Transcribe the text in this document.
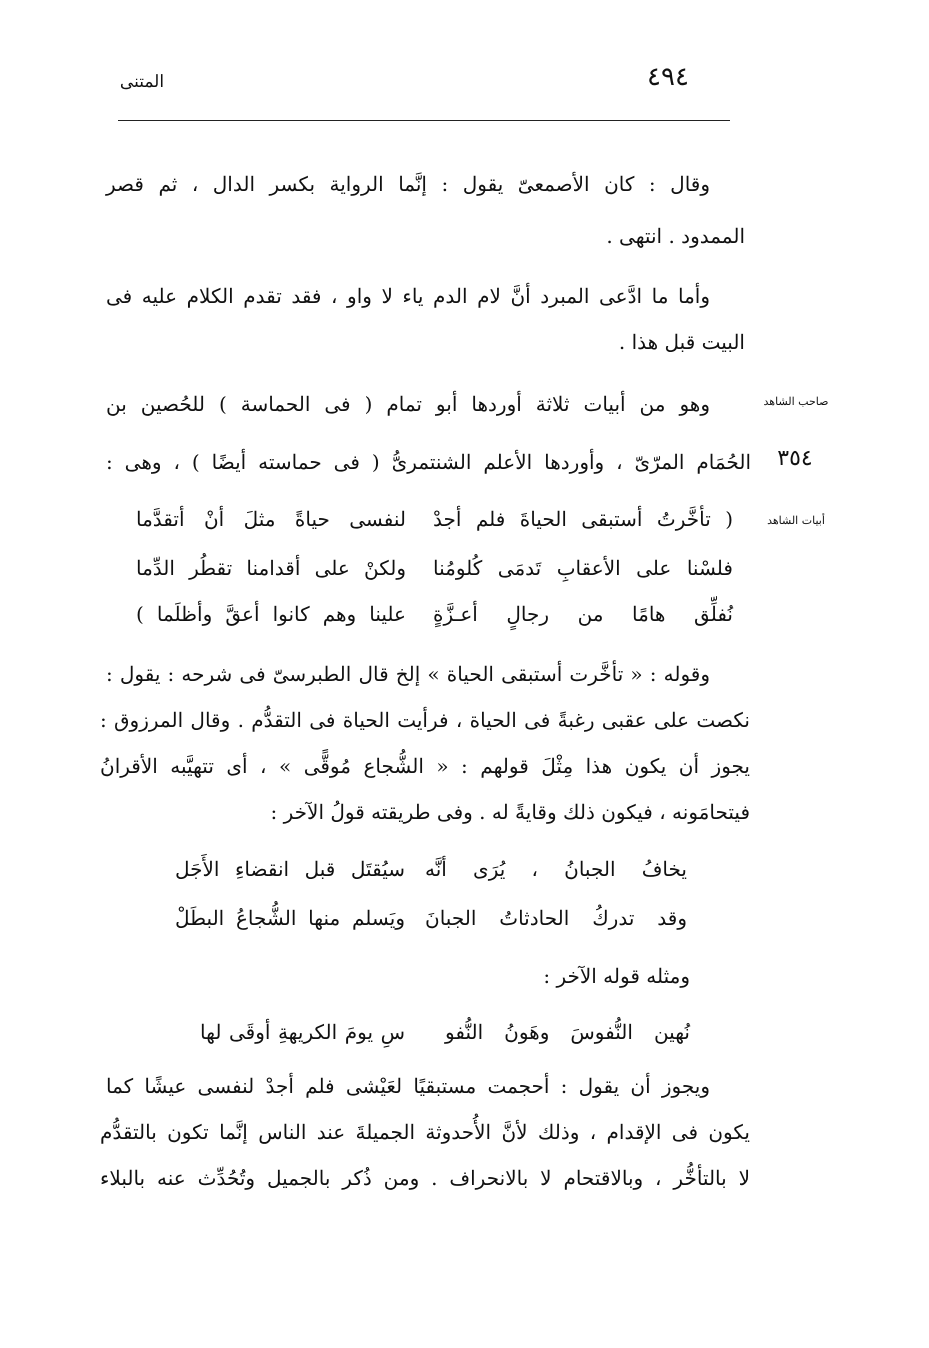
المتنى	٤٩٤
وقال : كان الأصمعىّ يقول : إنَّما الرواية بكسر الدال ، ثم قصر
الممدود . انتهى .
وأما ما ادَّعى المبرد أنَّ لام الدم ياء لا واو ، فقد تقدم الكلام عليه فى
البيت قبل هذا .
صاحب الشاهد
وهو من أبيات ثلاثة أوردها أبو تمام ( فى الحماسة ) للحُصين بن
٣٥٤
الحُمَام المرّىّ ، وأوردها الأعلم الشنتمرىُّ ( فى حماسته أيضًا ) ، وهى :
أبيات الشاهد
( تأخَّرتُ أستبقى الحياةَ فلم أجدْ
لنفسى حياةً مثلَ أنْ أتقدَّما
فلسْنا على الأعقابِ تَدمَى كُلومُنا
ولكنْ على أقدامنا تقطُر الدِّما
نُفلِّق هامًا من رجالٍ أعـزَّةٍ
علينا وهم كانوا أعقَّ وأظلَما )
وقوله : « تأخَّرت أستبقى الحياة » إلخ قال الطبرسىّ فى شرحه : يقول :
نكصت على عقبى رغبةً فى الحياة ، فرأيت الحياة فى التقدُّم . وقال المرزوق :
يجوز أن يكون هذا مِثْلَ قولهم : « الشُّجاع مُوقًّى » ، أى تتهيَّبه الأقرانُ
فيتحامَونه ، فيكون ذلك وقايةً له . وفى طريقته قولُ الآخر :
يخافُ الجبانُ ، يُرَى أنَّه
سيُقتَل قبل انقضاءِ الأَجَل
وقد تدركُ الحادثاتُ الجبانَ
ويَسلم منها الشُّجاعُ البطَلْ
ومثله قوله الآخر :
نُهين النُّفوسَ وهَونُ النُّفو
سِ يومَ الكريهةِ أوقَى لها
ويجوز أن يقول : أحجمت مستبقيًا لعَيْشى فلم أجدْ لنفسى عيشًا كما
يكون فى الإقدام ، وذلك لأنَّ الأُحدوثة الجميلةَ عند الناس إنَّما تكون بالتقدُّم
لا بالتأخُّر ، وبالاقتحام لا بالانحراف . ومن ذُكر بالجميل وتُحُدِّث عنه بالبلاء
